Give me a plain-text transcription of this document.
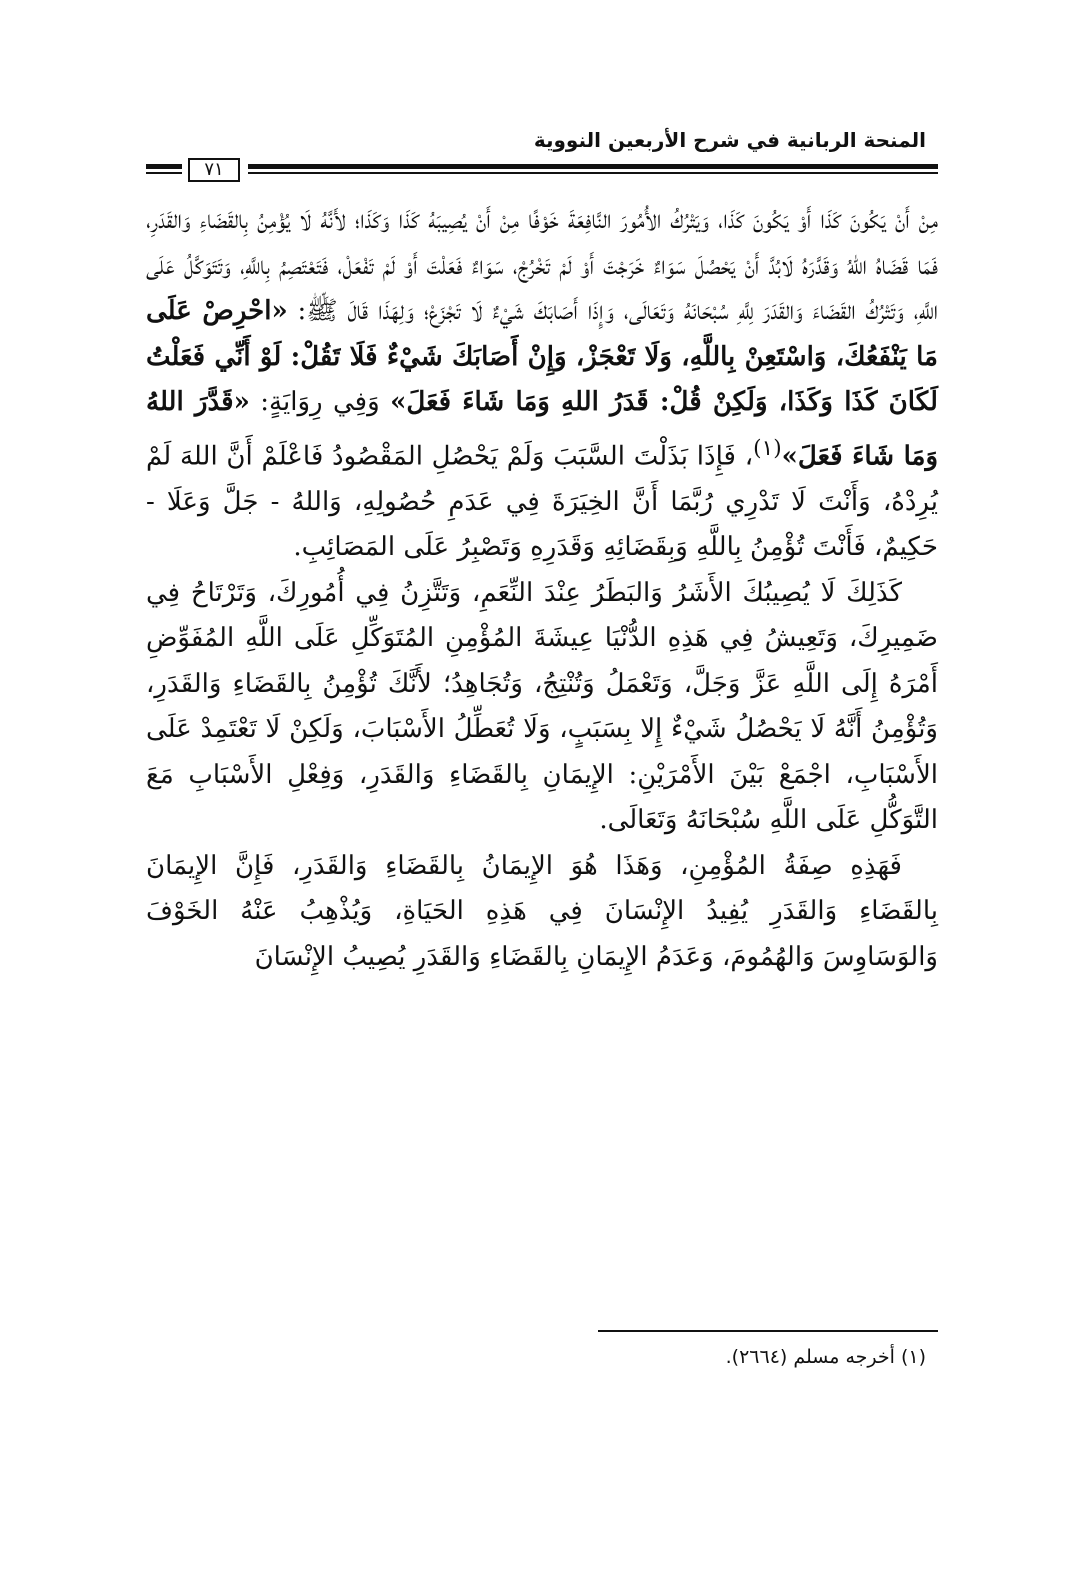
المنحة الربانية في شرح الأربعين النووية
٧١

مِنْ أَنْ يَكُونَ كَذَا أَوْ يَكُونَ كَذَا، وَيَتْرُكُ الأُمُورَ النَّافِعَةَ خَوْفًا مِنْ أَنْ يُصِيبَهُ كَذَا وَكَذَا؛ لأَنَّهُ لَا يُؤْمِنُ بِالقَضَاءِ وَالقَدَرِ، فَمَا قَضَاهُ اللهُ وَقَدَّرَهُ لَابُدَّ أَنْ يَحْصُلَ سَوَاءٌ خَرَجْتَ أَوْ لَمْ تَخْرُجْ، سَوَاءٌ فَعَلْتَ أَوْ لَمْ تَفْعَلْ، فَتَعْتَصِمُ بِاللَّهِ، وَتَتَوَكَّلُ عَلَى اللَّهِ، وَتَتْرُكُ القَضَاءَ وَالقَدَرَ لِلَّهِ سُبْحَانَهُ وَتَعَالَى، وَإِذَا أَصَابَكَ شَيْءٌ لَا تَجْزَعْ؛ وَلِهَذَا قَالَ ﷺ: «احْرِصْ عَلَى مَا يَنْفَعُكَ، وَاسْتَعِنْ بِاللَّهِ، وَلَا تَعْجَزْ، وَإِنْ أَصَابَكَ شَيْءٌ فَلَا تَقُلْ: لَوْ أَنِّي فَعَلْتُ لَكَانَ كَذَا وَكَذَا، وَلَكِنْ قُلْ: قَدَرُ اللهِ وَمَا شَاءَ فَعَلَ» وَفِي رِوَايَةٍ: «قَدَّرَ اللهُ وَمَا شَاءَ فَعَلَ»$^{(١)}$، فَإِذَا بَذَلْتَ السَّبَبَ وَلَمْ يَحْصُلِ المَقْصُودُ فَاعْلَمْ أَنَّ اللهَ لَمْ يُرِدْهُ، وَأَنْتَ لَا تَدْرِي رُبَّمَا أَنَّ الخِيَرَةَ فِي عَدَمِ حُصُولِهِ، وَاللهُ - جَلَّ وَعَلَا - حَكِيمٌ، فَأَنْتَ تُؤْمِنُ بِاللَّهِ وَبِقَضَائِهِ وَقَدَرِهِ وَتَصْبِرُ عَلَى المَصَائِبِ.

كَذَلِكَ لَا يُصِيبُكَ الأَشَرُ وَالبَطَرُ عِنْدَ النِّعَمِ، وَتَتَّزِنُ فِي أُمُورِكَ، وَتَرْتَاحُ فِي ضَمِيرِكَ، وَتَعِيشُ فِي هَذِهِ الدُّنْيَا عِيشَةَ المُؤْمِنِ المُتَوَكِّلِ عَلَى اللَّهِ المُفَوِّضِ أَمْرَهُ إِلَى اللَّهِ عَزَّ وَجَلَّ، وَتَعْمَلُ وَتُنْتِجُ، وَتُجَاهِدُ؛ لأَنَّكَ تُؤْمِنُ بِالقَضَاءِ وَالقَدَرِ، وَتُؤْمِنُ أَنَّهُ لَا يَحْصُلُ شَيْءٌ إِلا بِسَبَبٍ، وَلَا تُعَطِّلُ الأَسْبَابَ، وَلَكِنْ لَا تَعْتَمِدْ عَلَى الأَسْبَابِ، اجْمَعْ بَيْنَ الأَمْرَيْنِ: الإِيمَانِ بِالقَضَاءِ وَالقَدَرِ، وَفِعْلِ الأَسْبَابِ مَعَ التَّوَكُّلِ عَلَى اللَّهِ سُبْحَانَهُ وَتَعَالَى.

فَهَذِهِ صِفَةُ المُؤْمِنِ، وَهَذَا هُوَ الإِيمَانُ بِالقَضَاءِ وَالقَدَرِ، فَإِنَّ الإِيمَانَ بِالقَضَاءِ وَالقَدَرِ يُفِيدُ الإِنْسَانَ فِي هَذِهِ الحَيَاةِ، وَيُذْهِبُ عَنْهُ الخَوْفَ وَالوَسَاوِسَ وَالهُمُومَ، وَعَدَمُ الإِيمَانِ بِالقَضَاءِ وَالقَدَرِ يُصِيبُ الإِنْسَانَ

(١) أخرجه مسلم (٢٦٦٤).
